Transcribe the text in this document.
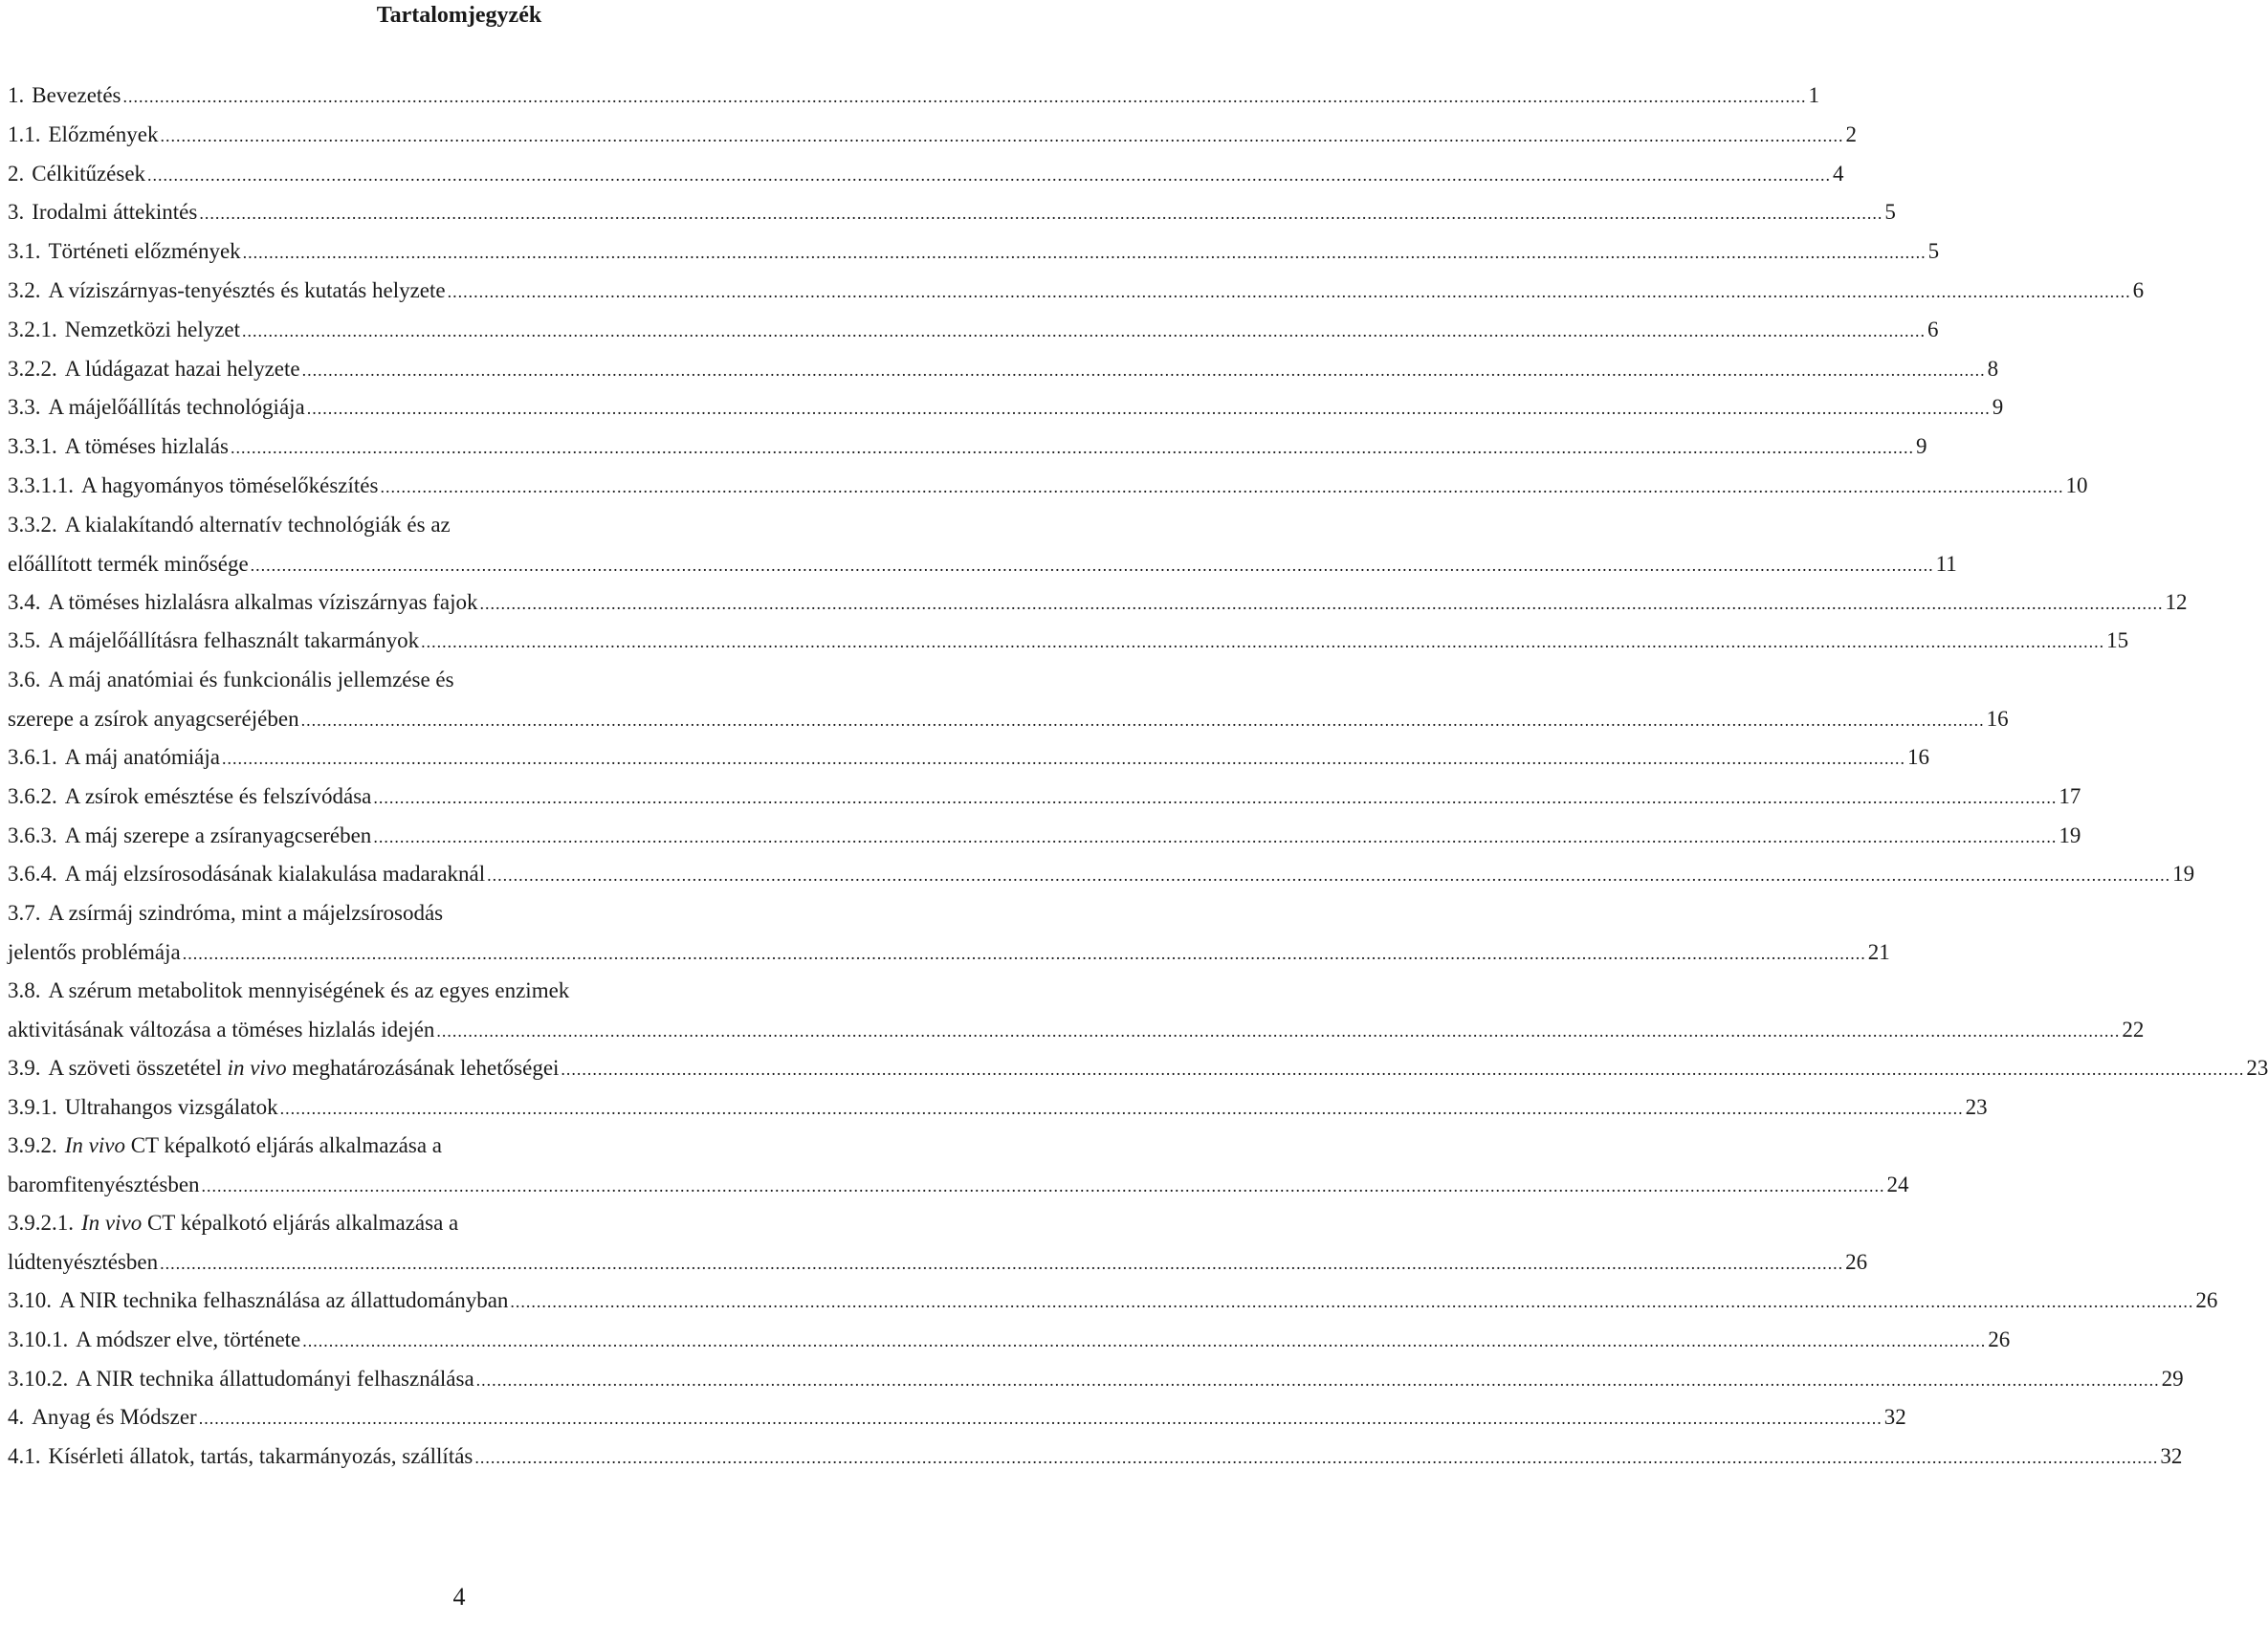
Tartalomjegyzék
1. Bevezetés .....	1
1.1. Előzmények .....	2
2. Célkitűzések .....	4
3. Irodalmi áttekintés .....	5
3.1. Történeti előzmények .....	5
3.2. A víziszárnyas-tenyésztés és kutatás helyzete .....	6
3.2.1. Nemzetközi helyzet .....	6
3.2.2. A lúdágazat hazai helyzete .....	8
3.3. A májelőállítás technológiája .....	9
3.3.1. A töméses hizlalás .....	9
3.3.1.1. A hagyományos töméselőkészítés .....	10
3.3.2. A kialakítandó alternatív technológiák és az
előállított termék minősége .....	11
3.4. A töméses hizlalásra alkalmas víziszárnyas fajok .....	12
3.5. A májelőállításra felhasznált takarmányok .....	15
3.6. A máj anatómiai és funkcionális jellemzése és
szerepe a zsírok anyagcseréjében .....	16
3.6.1. A máj anatómiája .....	16
3.6.2. A zsírok emésztése és felszívódása .....	17
3.6.3. A máj szerepe a zsíranyagcserében .....	19
3.6.4. A máj elzsírosodásának kialakulása madaraknál .....	19
3.7. A zsírmáj szindróma, mint a májelzsírosodás
jelentős problémája .....	21
3.8. A szérum metabolitok mennyiségének és az egyes enzimek
aktivitásának változása a töméses hizlalás idején .....	22
3.9. A szöveti összetétel in vivo meghatározásának lehetőségei .....	23
3.9.1. Ultrahangos vizsgálatok .....	23
3.9.2. In vivo CT képalkotó eljárás alkalmazása a
baromfitenyésztésben .....	24
3.9.2.1. In vivo CT képalkotó eljárás alkalmazása a
lúdtenyésztésben .....	26
3.10. A NIR technika felhasználása az állattudományban .....	26
3.10.1. A módszer elve, története .....	26
3.10.2. A NIR technika állattudományi felhasználása .....	29
4. Anyag és Módszer .....	32
4.1. Kísérleti állatok, tartás, takarmányozás, szállítás .....	32
4
